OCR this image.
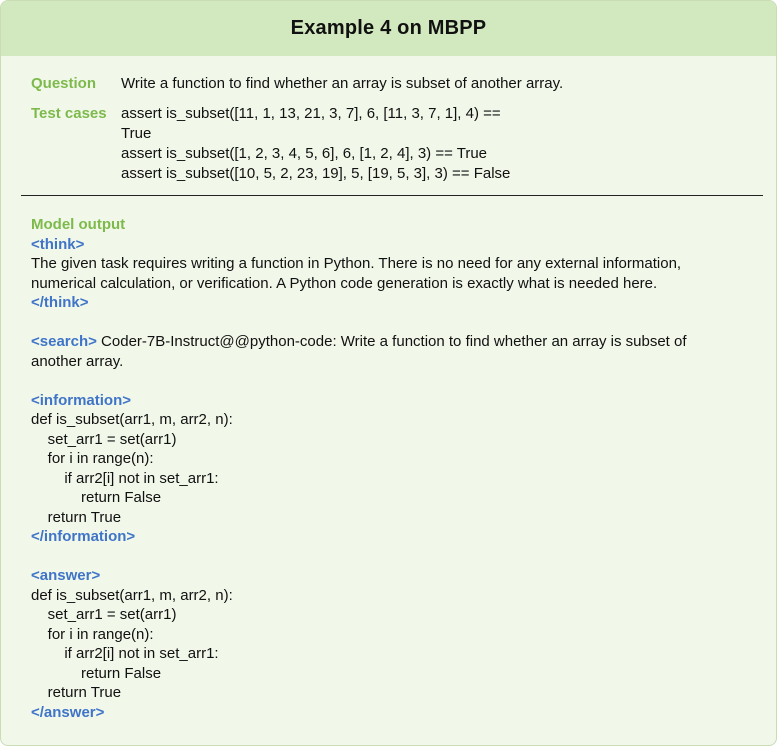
Example 4 on MBPP
Question	Write a function to find whether an array is subset of another array.
Test cases assert is_subset([11, 1, 13, 21, 3, 7], 6, [11, 3, 7, 1], 4) ==
True
assert is_subset([1, 2, 3, 4, 5, 6], 6, [1, 2, 4], 3) == True
assert is_subset([10, 5, 2, 23, 19], 5, [19, 5, 3], 3) == False
Model output
<think>
The given task requires writing a function in Python. There is no need for any external information,
numerical calculation, or verification. A Python code generation is exactly what is needed here.
</think>
<search> Coder-7B-Instruct@@python-code: Write a function to find whether an array is subset of
another array.
<information>
def is_subset(arr1, m, arr2, n):
set_arr1 = set(arr1)
for i in range(n):
if arr2[i] not in set_arr1:
return False
return True
</information>
<answer>
def is_subset(arr1, m, arr2, n):
set_arr1 = set(arr1)
for i in range(n):
if arr2[i] not in set_arr1:
return False
return True
</answer>
